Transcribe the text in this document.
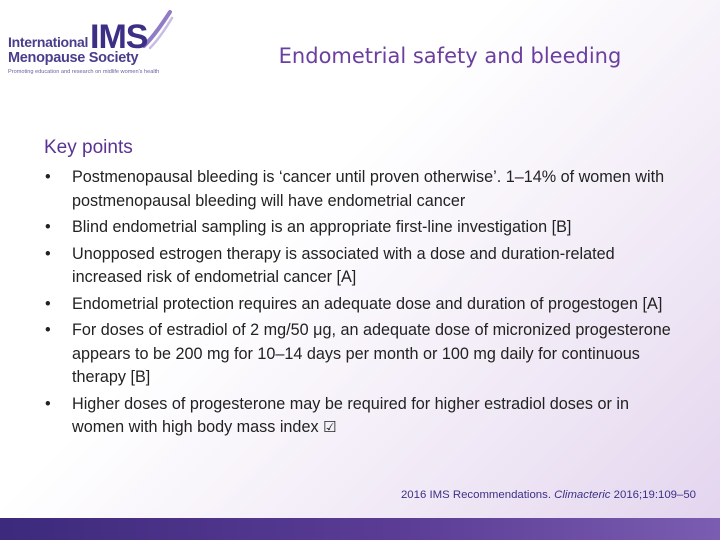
International IMS
Menopause Society
Promoting education and research on midlife women's health
Endometrial safety and bleeding
Key points
• Postmenopausal bleeding is ‘cancer until proven otherwise’. 1–14% of women with postmenopausal bleeding will have endometrial cancer
• Blind endometrial sampling is an appropriate first-line investigation [B]
• Unopposed estrogen therapy is associated with a dose and duration-related increased risk of endometrial cancer [A]
• Endometrial protection requires an adequate dose and duration of progestogen [A]
• For doses of estradiol of 2 mg/50 μg, an adequate dose of micronized progesterone appears to be 200 mg for 10–14 days per month or 100 mg daily for continuous therapy [B]
• Higher doses of progesterone may be required for higher estradiol doses or in women with high body mass index ☑
2016 IMS Recommendations. Climacteric 2016;19:109–50
